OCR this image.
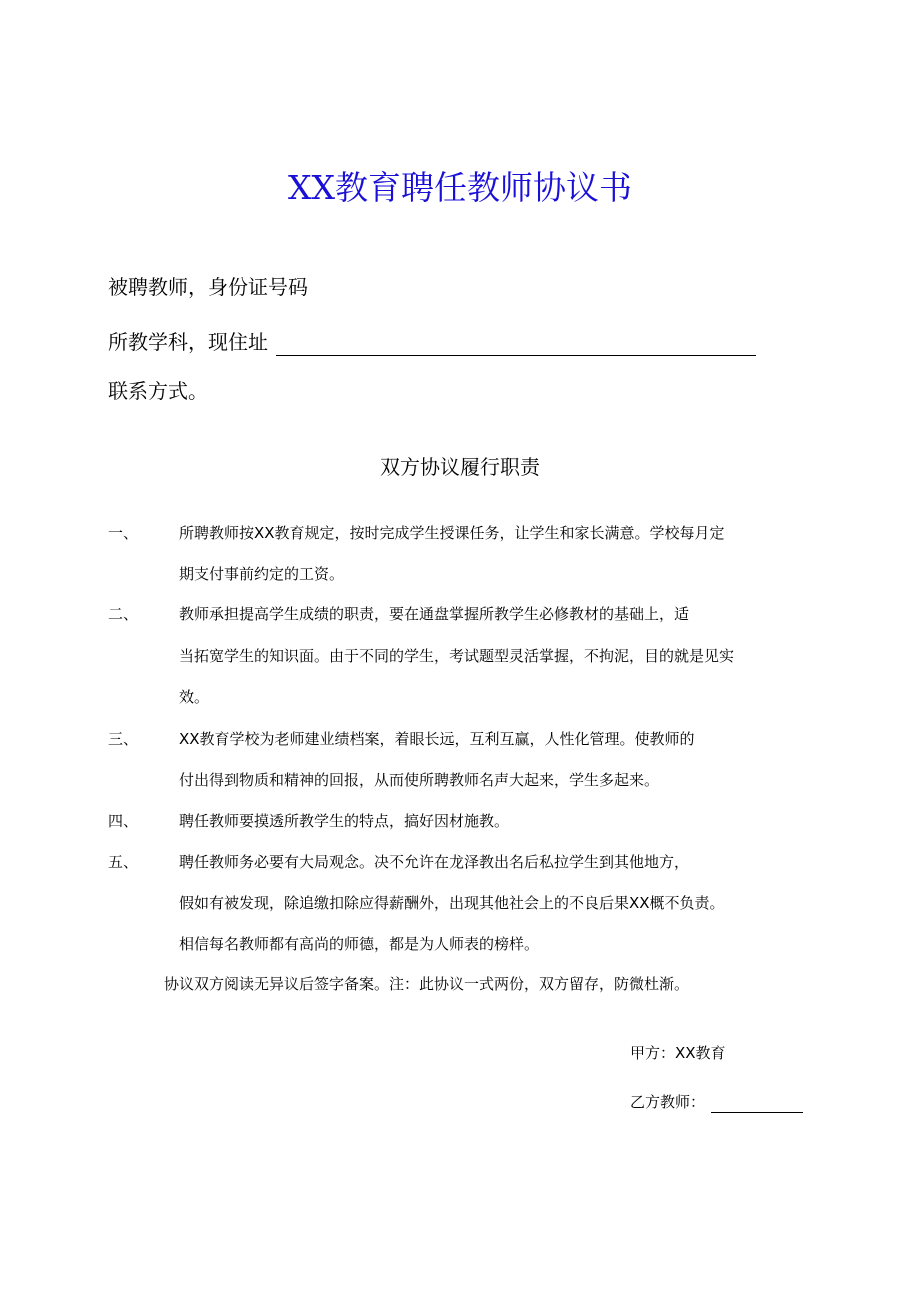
XX教育聘任教师协议书
被聘教师，身份证号码
所教学科，现住址
联系方式。
双方协议履行职责
一、	所聘教师按XX教育规定，按时完成学生授课任务，让学生和家长满意。学校每月定
期支付事前约定的工资。
二、	教师承担提高学生成绩的职责，要在通盘掌握所教学生必修教材的基础上，适
当拓宽学生的知识面。由于不同的学生，考试题型灵活掌握，不拘泥，目的就是见实
效。
三、	XX教育学校为老师建业绩档案，着眼长远，互利互赢，人性化管理。使教师的
付出得到物质和精神的回报，从而使所聘教师名声大起来，学生多起来。
四、	聘任教师要摸透所教学生的特点，搞好因材施教。
五、	聘任教师务必要有大局观念。决不允许在龙泽教出名后私拉学生到其他地方，
假如有被发现，除追缴扣除应得薪酬外，出现其他社会上的不良后果XX概不负责。
相信每名教师都有高尚的师德，都是为人师表的榜样。
协议双方阅读无异议后签字备案。注：此协议一式两份，双方留存，防微杜渐。
甲方：XX教育
乙方教师：
